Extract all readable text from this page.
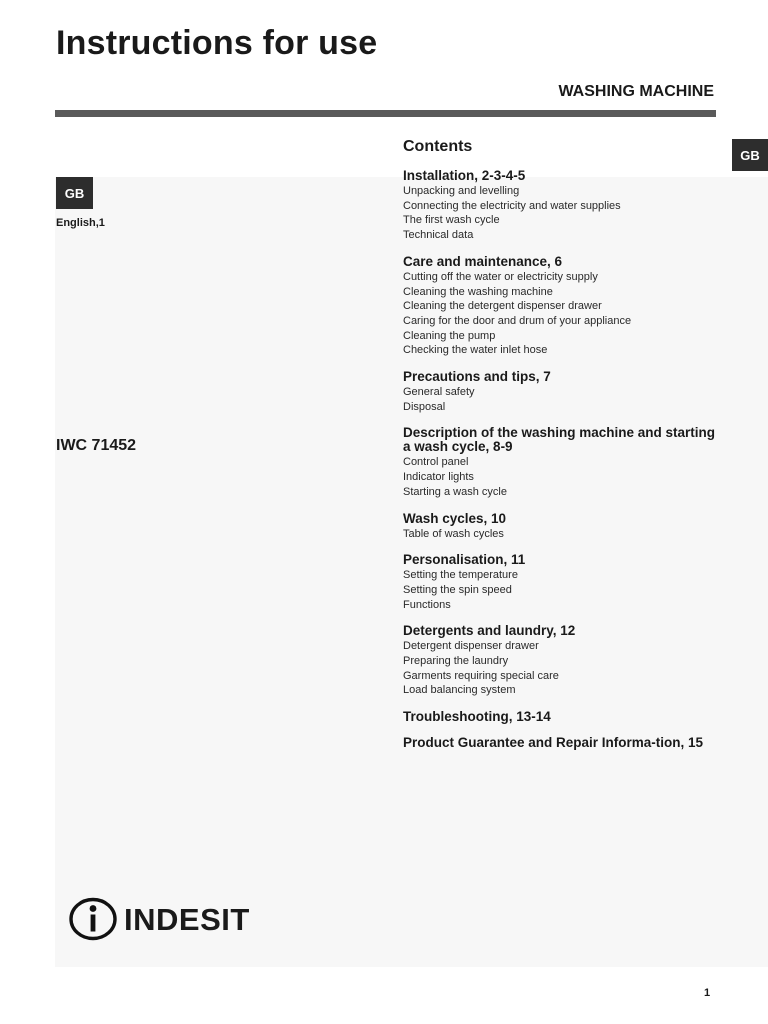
Instructions for use
WASHING MACHINE
GB
GB
English,1
IWC 71452
Contents
Installation, 2-3-4-5
Unpacking and levelling
Connecting the electricity and water supplies
The first wash cycle
Technical data
Care and maintenance, 6
Cutting off the water or electricity supply
Cleaning the washing machine
Cleaning the detergent dispenser drawer
Caring for the door and drum of your appliance
Cleaning the pump
Checking the water inlet hose
Precautions and tips, 7
General safety
Disposal
Description of the washing machine and starting a wash cycle, 8-9
Control panel
Indicator lights
Starting a wash cycle
Wash cycles, 10
Table of wash cycles
Personalisation, 11
Setting the temperature
Setting the spin speed
Functions
Detergents and laundry, 12
Detergent dispenser drawer
Preparing the laundry
Garments requiring special care
Load balancing system
Troubleshooting, 13-14
Product Guarantee and Repair Informa-tion, 15
INDESIT
1
